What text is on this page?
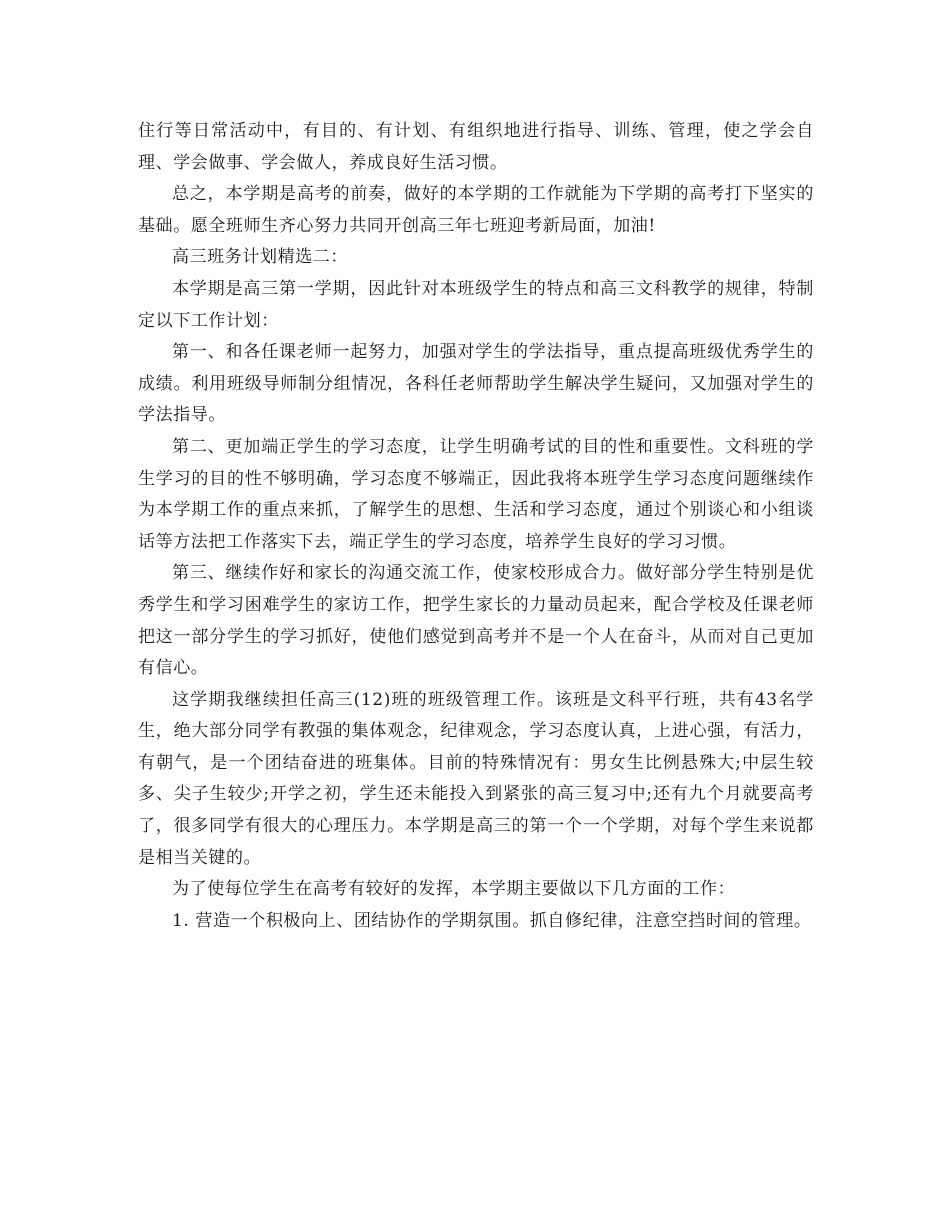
住行等日常活动中，有目的、有计划、有组织地进行指导、训练、管理，使之学会自理、学会做事、学会做人，养成良好生活习惯。

总之，本学期是高考的前奏，做好的本学期的工作就能为下学期的高考打下坚实的基础。愿全班师生齐心努力共同开创高三年七班迎考新局面，加油!

高三班务计划精选二：

本学期是高三第一学期，因此针对本班级学生的特点和高三文科教学的规律，特制定以下工作计划：

第一、和各任课老师一起努力，加强对学生的学法指导，重点提高班级优秀学生的成绩。利用班级导师制分组情况，各科任老师帮助学生解决学生疑问，又加强对学生的学法指导。

第二、更加端正学生的学习态度，让学生明确考试的目的性和重要性。文科班的学生学习的目的性不够明确，学习态度不够端正，因此我将本班学生学习态度问题继续作为本学期工作的重点来抓，了解学生的思想、生活和学习态度，通过个别谈心和小组谈话等方法把工作落实下去，端正学生的学习态度，培养学生良好的学习习惯。

第三、继续作好和家长的沟通交流工作，使家校形成合力。做好部分学生特别是优秀学生和学习困难学生的家访工作，把学生家长的力量动员起来，配合学校及任课老师把这一部分学生的学习抓好，使他们感觉到高考并不是一个人在奋斗，从而对自己更加有信心。

这学期我继续担任高三(12)班的班级管理工作。该班是文科平行班，共有43名学生，绝大部分同学有教强的集体观念，纪律观念，学习态度认真，上进心强，有活力，有朝气，是一个团结奋进的班集体。目前的特殊情况有：男女生比例悬殊大;中层生较多、尖子生较少;开学之初，学生还未能投入到紧张的高三复习中;还有九个月就要高考了，很多同学有很大的心理压力。本学期是高三的第一个一个学期，对每个学生来说都是相当关键的。

为了使每位学生在高考有较好的发挥，本学期主要做以下几方面的工作：

1. 营造一个积极向上、团结协作的学期氛围。抓自修纪律，注意空挡时间的管理。
